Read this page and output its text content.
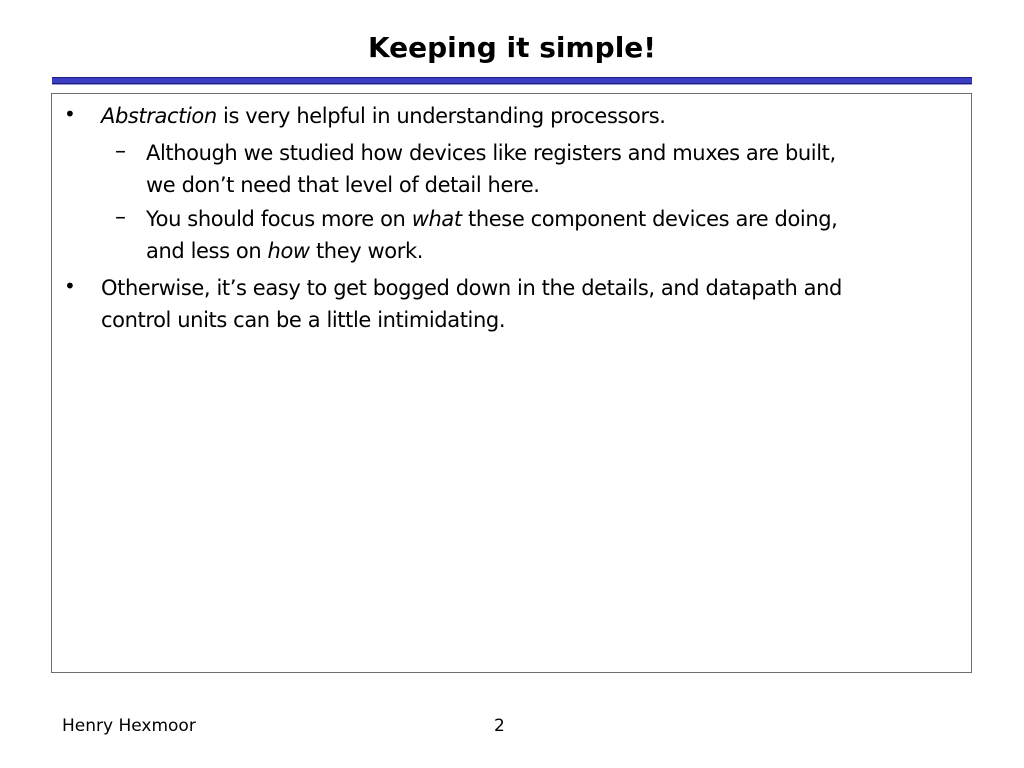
Keeping it simple!
• Abstraction is very helpful in understanding processors.
– Although we studied how devices like registers and muxes are built,
we don’t need that level of detail here.
– You should focus more on what these component devices are doing,
and less on how they work.
• Otherwise, it’s easy to get bogged down in the details, and datapath and
control units can be a little intimidating.
Henry Hexmoor	2
